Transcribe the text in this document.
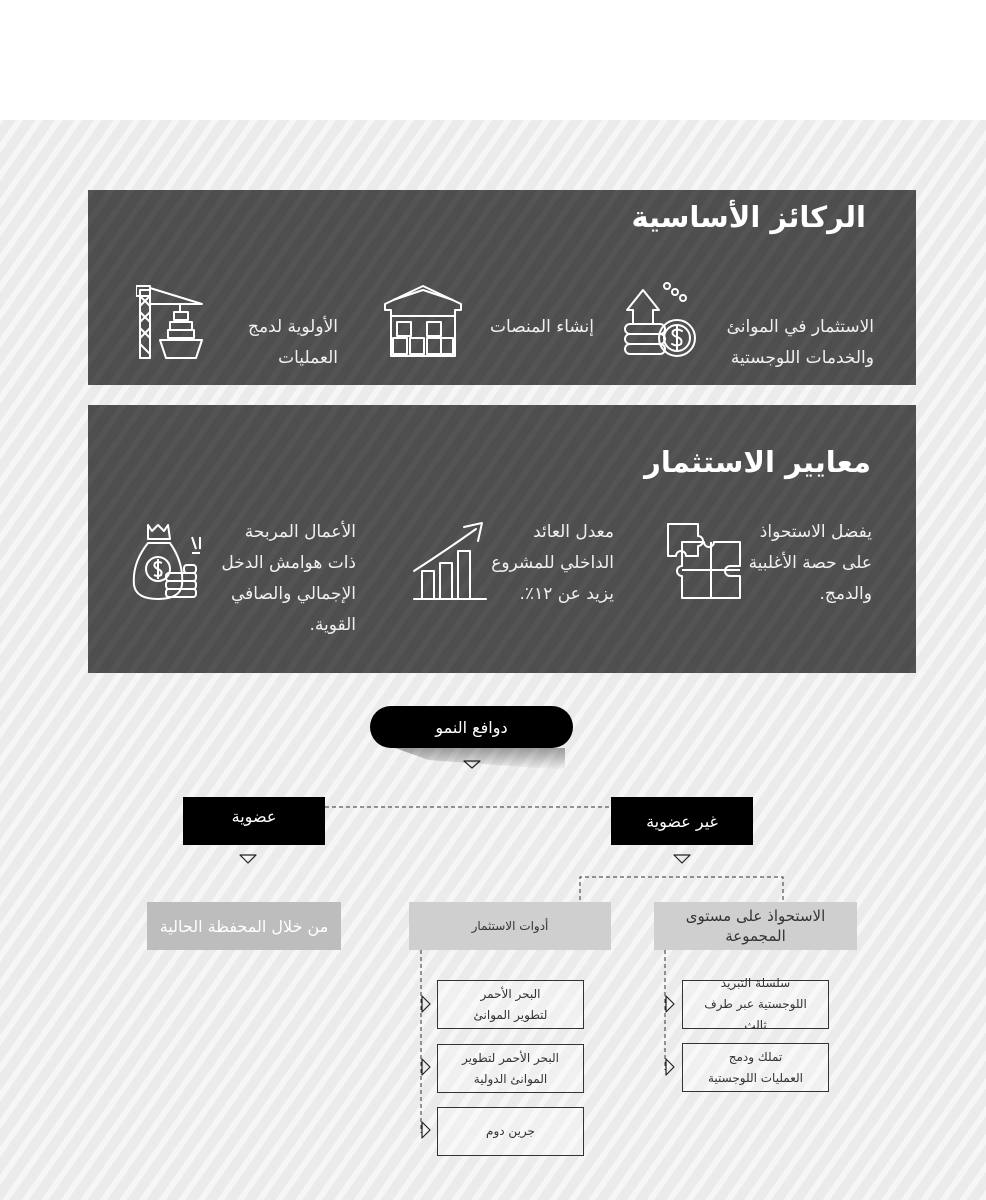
الركائز الأساسية
الاستثمار في الموانئ
والخدمات اللوجستية
إنشاء المنصات
الأولوية لدمج
العمليات
معايير الاستثمار
يفضل الاستحواذ
على حصة الأغلبية
والدمج.
معدل العائد
الداخلي للمشروع
يزيد عن ١٢٪.
الأعمال المربحة
ذات هوامش الدخل
الإجمالي والصافي
القوية.
دوافع النمو
عضوية	غير عضوية
من خلال المحفظة الحالية	أدوات الاستثمار
الاستحواذ على مستوى المجموعة
البحر الأحمر لتطوير الموانئ
البحر الأحمر لتطوير الموانئ الدولية
جرين دوم
سلسلة التبريد اللوجستية عبر طرف ثالث
تملك ودمج العمليات اللوجستية
